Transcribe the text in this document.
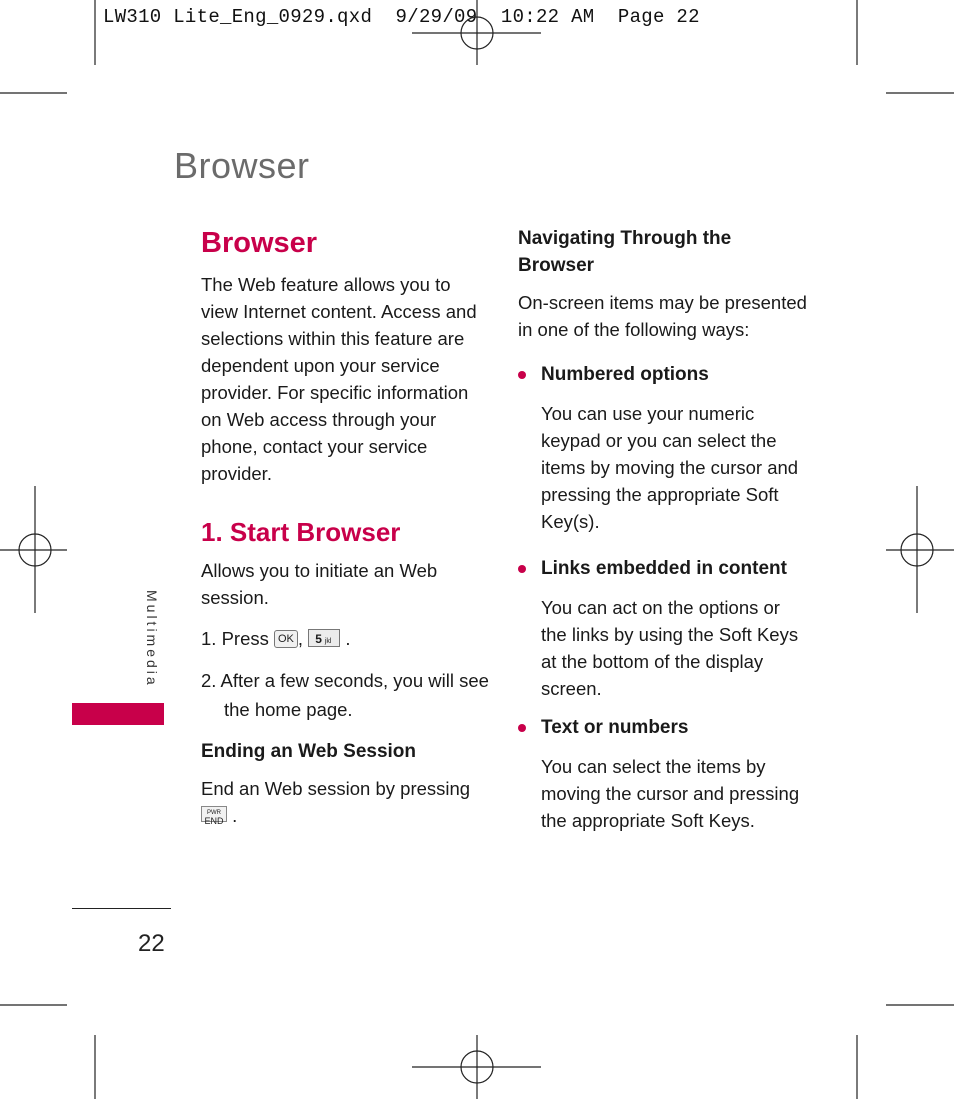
LW310 Lite_Eng_0929.qxd  9/29/09  10:22 AM  Page 22
Browser
Browser

The Web feature allows you to view Internet content. Access and selections within this feature are dependent upon your service provider. For specific information on Web access through your phone, contact your service provider.

1. Start Browser

Allows you to initiate an Web session.

1. Press OK , 5 jkl .

2. After a few seconds, you will see the home page.

Ending an Web Session

End an Web session by pressing
PWR
END .

Navigating Through the Browser

On-screen items may be presented in one of the following ways:

Numbered options

You can use your numeric keypad or you can select the items by moving the cursor and pressing the appropriate Soft Key(s).

Links embedded in content

You can act on the options or the links by using the Soft Keys at the bottom of the display screen.

Text or numbers

You can select the items by moving the cursor and pressing the appropriate Soft Keys.

Multimedia
22
